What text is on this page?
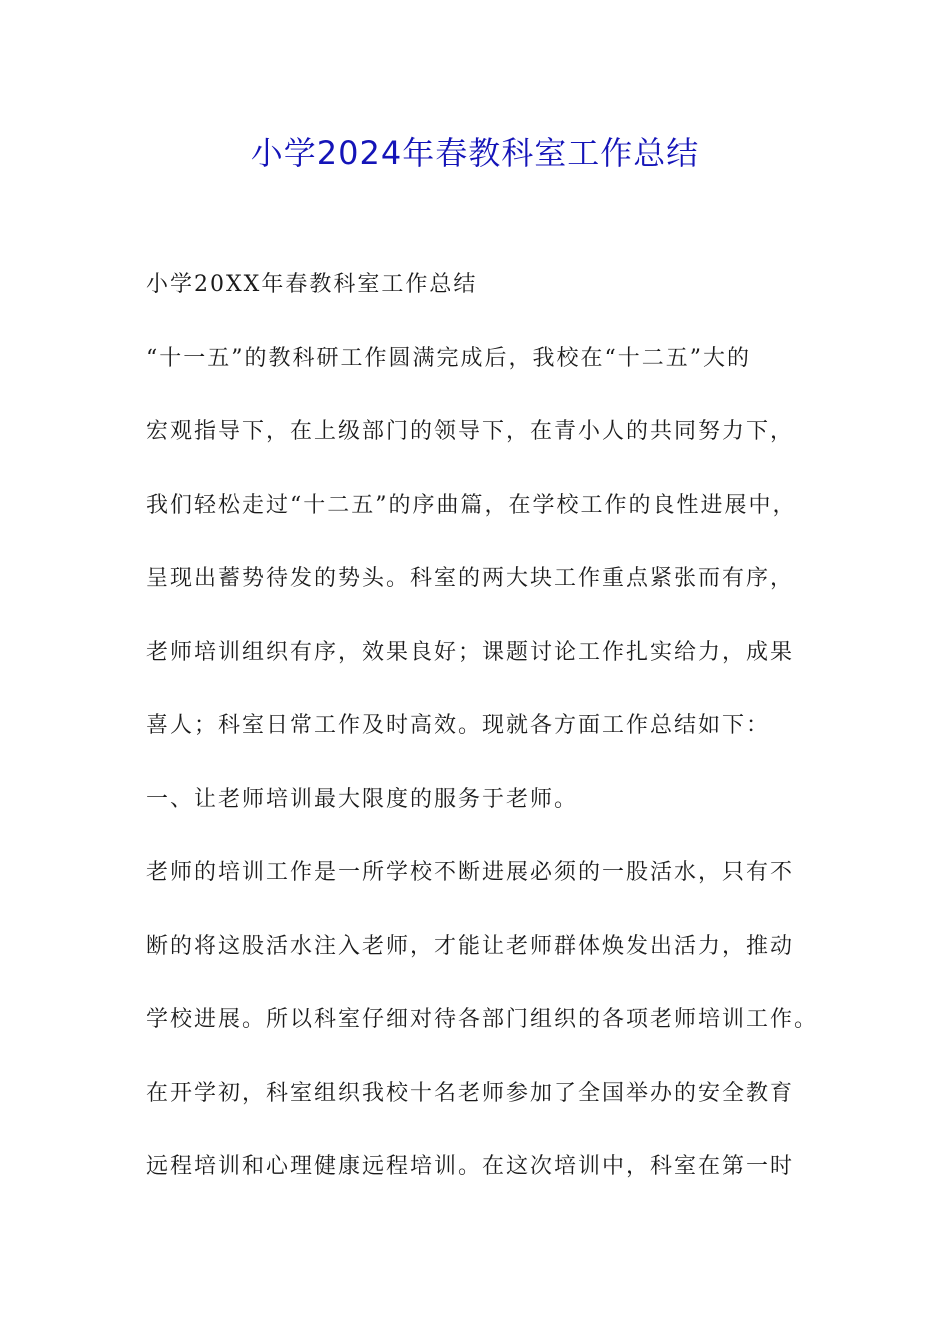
小学2024年春教科室工作总结
小学20XX年春教科室工作总结
“十一五”的教科研工作圆满完成后，我校在“十二五”大的
宏观指导下，在上级部门的领导下，在青小人的共同努力下，
我们轻松走过“十二五”的序曲篇，在学校工作的良性进展中，
呈现出蓄势待发的势头。科室的两大块工作重点紧张而有序，
老师培训组织有序，效果良好；课题讨论工作扎实给力，成果
喜人；科室日常工作及时高效。现就各方面工作总结如下：
一、让老师培训最大限度的服务于老师。
老师的培训工作是一所学校不断进展必须的一股活水，只有不
断的将这股活水注入老师，才能让老师群体焕发出活力，推动
学校进展。所以科室仔细对待各部门组织的各项老师培训工作。
在开学初，科室组织我校十名老师参加了全国举办的安全教育
远程培训和心理健康远程培训。在这次培训中，科室在第一时
